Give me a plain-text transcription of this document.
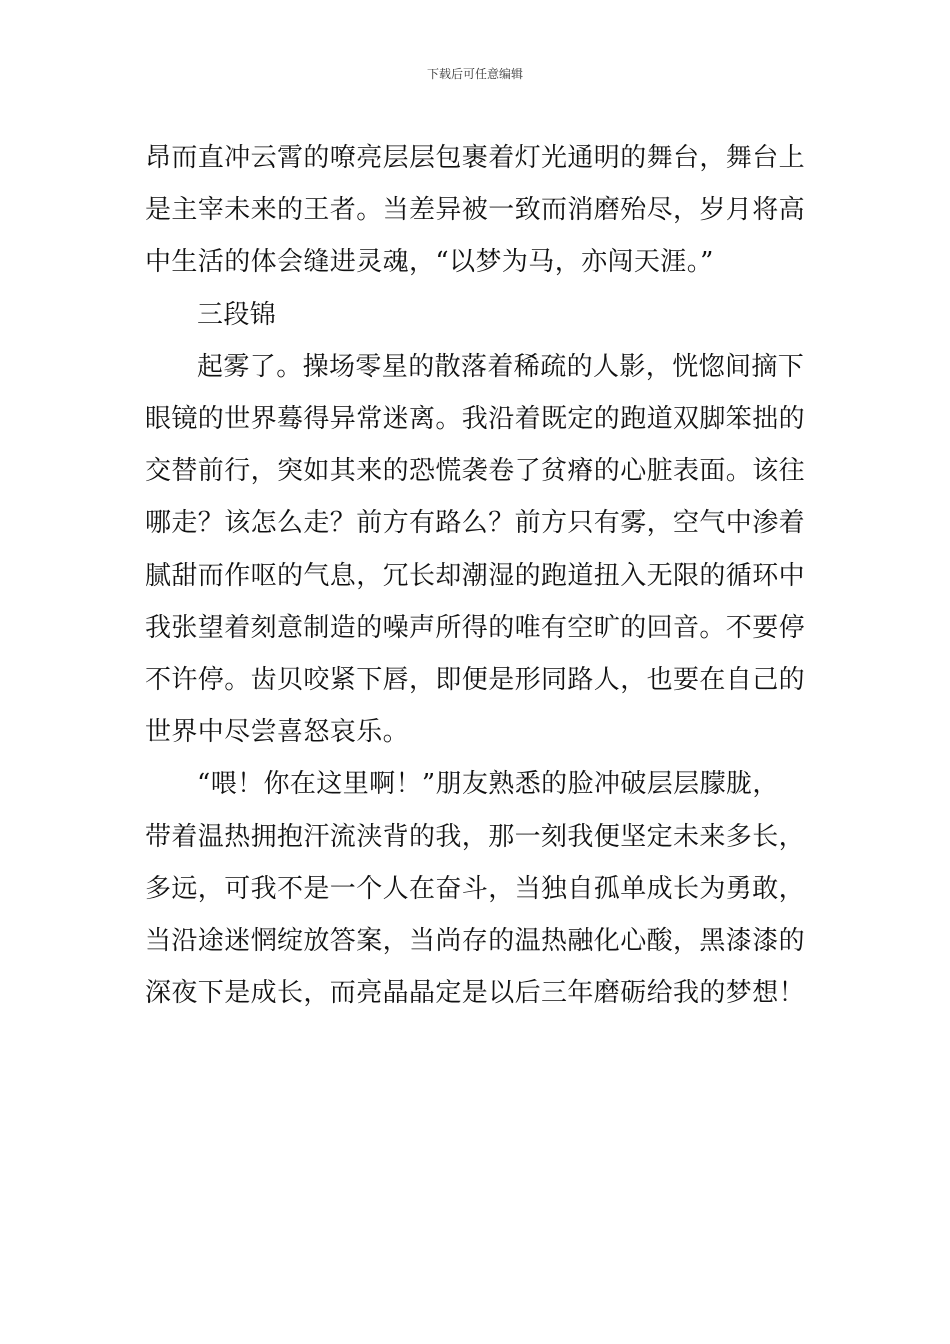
下载后可任意编辑

昂而直冲云霄的嘹亮层层包裹着灯光通明的舞台，舞台上
是主宰未来的王者。当差异被一致而消磨殆尽，岁月将高
中生活的体会缝进灵魂，“以梦为马，亦闯天涯。”

三段锦

起雾了。操场零星的散落着稀疏的人影，恍惚间摘下
眼镜的世界蓦得异常迷离。我沿着既定的跑道双脚笨拙的
交替前行，突如其来的恐慌袭卷了贫瘠的心脏表面。该往
哪走？该怎么走？前方有路么？前方只有雾，空气中渗着
腻甜而作呕的气息，冗长却潮湿的跑道扭入无限的循环中
我张望着刻意制造的噪声所得的唯有空旷的回音。不要停
不许停。齿贝咬紧下唇，即便是形同路人，也要在自己的
世界中尽尝喜怒哀乐。

“喂！你在这里啊！”朋友熟悉的脸冲破层层朦胧，
带着温热拥抱汗流浃背的我，那一刻我便坚定未来多长，
多远，可我不是一个人在奋斗，当独自孤单成长为勇敢，
当沿途迷惘绽放答案，当尚存的温热融化心酸，黑漆漆的
深夜下是成长，而亮晶晶定是以后三年磨砺给我的梦想！
